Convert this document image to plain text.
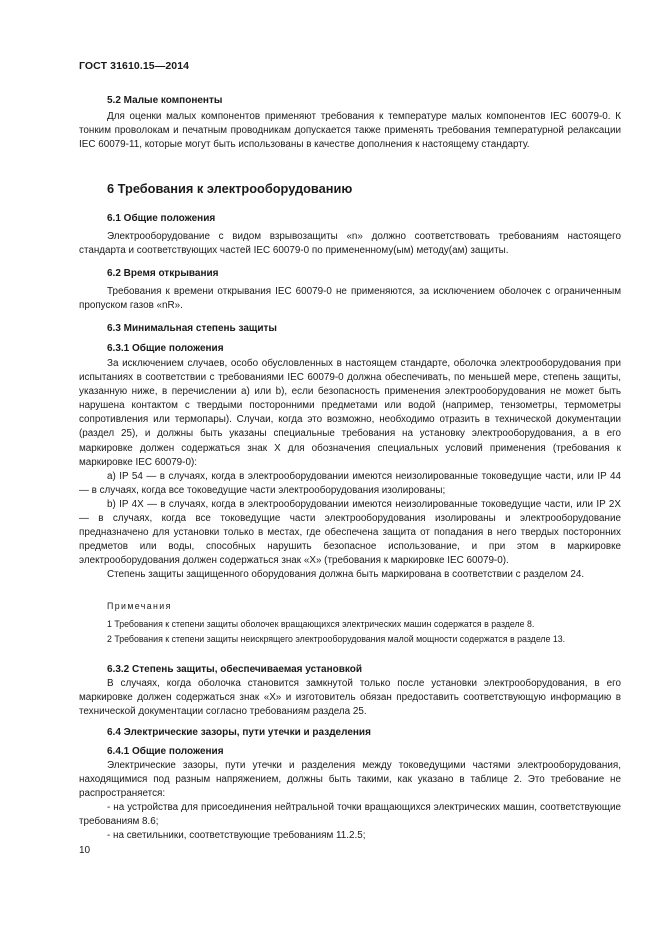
ГОСТ 31610.15—2014
5.2 Малые компоненты

Для оценки малых компонентов применяют требования к температуре малых компонентов IEC 60079-0. К тонким проволокам и печатным проводникам допускается также применять требования температурной релаксации IEC 60079-11, которые могут быть использованы в качестве дополнения к настоящему стандарту.

6 Требования к электрооборудованию
6.1 Общие положения

Электрооборудование с видом взрывозащиты «n» должно соответствовать требованиям настоящего стандарта и соответствующих частей IEC 60079-0 по примененному(ым) методу(ам) защиты.

6.2 Время открывания

Требования к времени открывания IEC 60079-0 не применяются, за исключением оболочек с ограниченным пропуском газов «nR».

6.3 Минимальная степень защиты
6.3.1 Общие положения

За исключением случаев, особо обусловленных в настоящем стандарте, оболочка электрооборудования при испытаниях в соответствии с требованиями IEC 60079-0 должна обеспечивать, по меньшей мере, степень защиты, указанную ниже, в перечислении а) или b), если безопасность применения электрооборудования не может быть нарушена контактом с твердыми посторонними предметами или водой (например, тензометры, термометры сопротивления или термопары). Случаи, когда это возможно, необходимо отразить в технической документации (раздел 25), и должны быть указаны специальные требования на установку электрооборудования, а в его маркировке должен содержаться знак X для обозначения специальных условий применения (требования к маркировке IEC 60079-0):

a) IP 54 — в случаях, когда в электрооборудовании имеются неизолированные токоведущие части, или IP 44 — в случаях, когда все токоведущие части электрооборудования изолированы;

b) IP 4X — в случаях, когда в электрооборудовании имеются неизолированные токоведущие части, или IP 2X — в случаях, когда все токоведущие части электрооборудования изолированы и электрооборудование предназначено для установки только в местах, где обеспечена защита от попадания в него твердых посторонних предметов или воды, способных нарушить безопасное использование, и при этом в маркировке электрооборудования должен содержаться знак «X» (требования к маркировке IEC 60079-0).

Степень защиты защищенного оборудования должна быть маркирована в соответствии с разделом 24.

Примечания

1 Требования к степени защиты оболочек вращающихся электрических машин содержатся в разделе 8.

2 Требования к степени защиты неискрящего электрооборудования малой мощности содержатся в разделе 13.

6.3.2 Степень защиты, обеспечиваемая установкой

В случаях, когда оболочка становится замкнутой только после установки электрооборудования, в его маркировке должен содержаться знак «X» и изготовитель обязан предоставить соответствующую информацию в технической документации согласно требованиям раздела 25.

6.4 Электрические зазоры, пути утечки и разделения
6.4.1 Общие положения

Электрические зазоры, пути утечки и разделения между токоведущими частями электрооборудования, находящимися под разным напряжением, должны быть такими, как указано в таблице 2. Это требование не распространяется:

- на устройства для присоединения нейтральной точки вращающихся электрических машин, соответствующие требованиям 8.6;

- на светильники, соответствующие требованиям 11.2.5;

10
